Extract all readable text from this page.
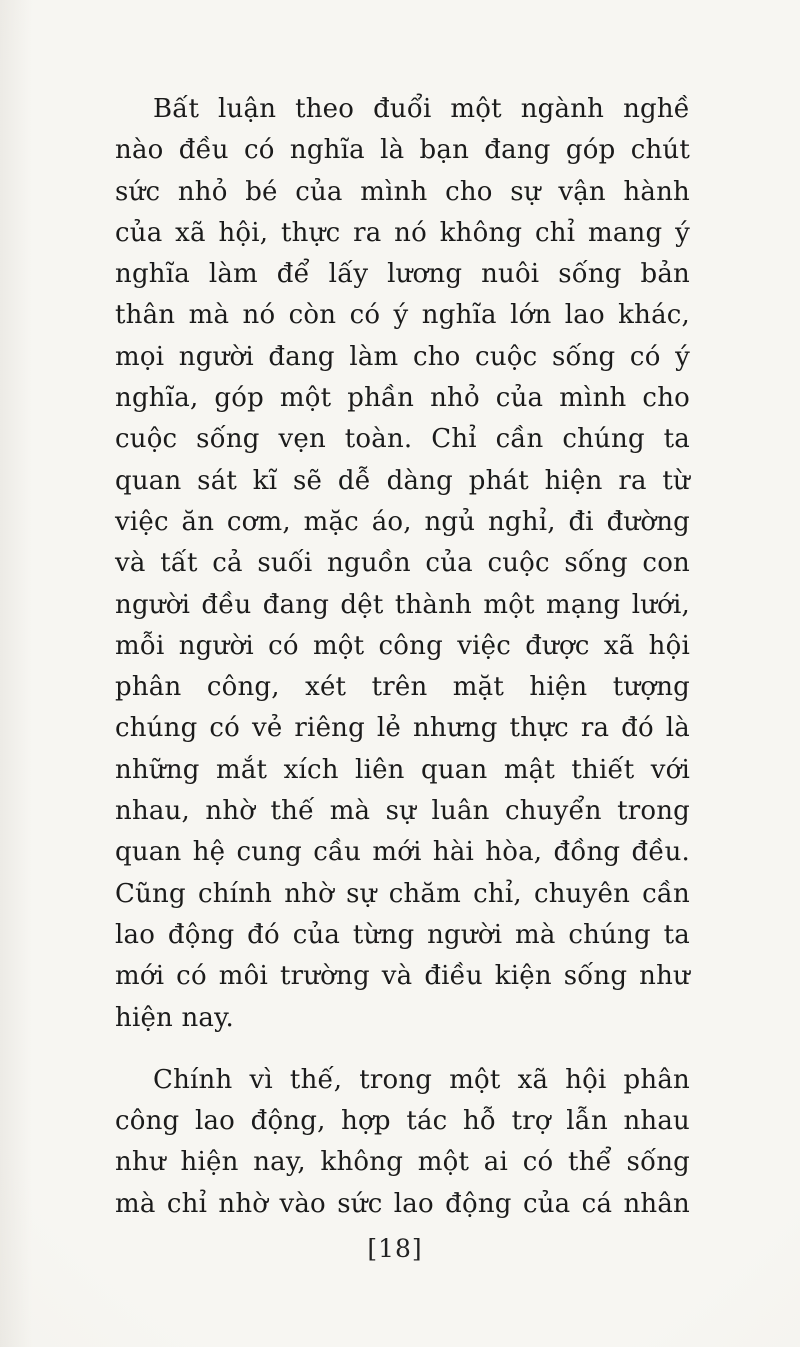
Bất luận theo đuổi một ngành nghề
nào đều có nghĩa là bạn đang góp chút
sức nhỏ bé của mình cho sự vận hành
của xã hội, thực ra nó không chỉ mang ý
nghĩa làm để lấy lương nuôi sống bản
thân mà nó còn có ý nghĩa lớn lao khác,
mọi người đang làm cho cuộc sống có ý
nghĩa, góp một phần nhỏ của mình cho
cuộc sống vẹn toàn. Chỉ cần chúng ta
quan sát kĩ sẽ dễ dàng phát hiện ra từ
việc ăn cơm, mặc áo, ngủ nghỉ, đi đường
và tất cả suối nguồn của cuộc sống con
người đều đang dệt thành một mạng lưới,
mỗi người có một công việc được xã hội
phân công, xét trên mặt hiện tượng
chúng có vẻ riêng lẻ nhưng thực ra đó là
những mắt xích liên quan mật thiết với
nhau, nhờ thế mà sự luân chuyển trong
quan hệ cung cầu mới hài hòa, đồng đều.
Cũng chính nhờ sự chăm chỉ, chuyên cần
lao động đó của từng người mà chúng ta
mới có môi trường và điều kiện sống như
hiện nay.
Chính vì thế, trong một xã hội phân
công lao động, hợp tác hỗ trợ lẫn nhau
như hiện nay, không một ai có thể sống
mà chỉ nhờ vào sức lao động của cá nhân
[18]
